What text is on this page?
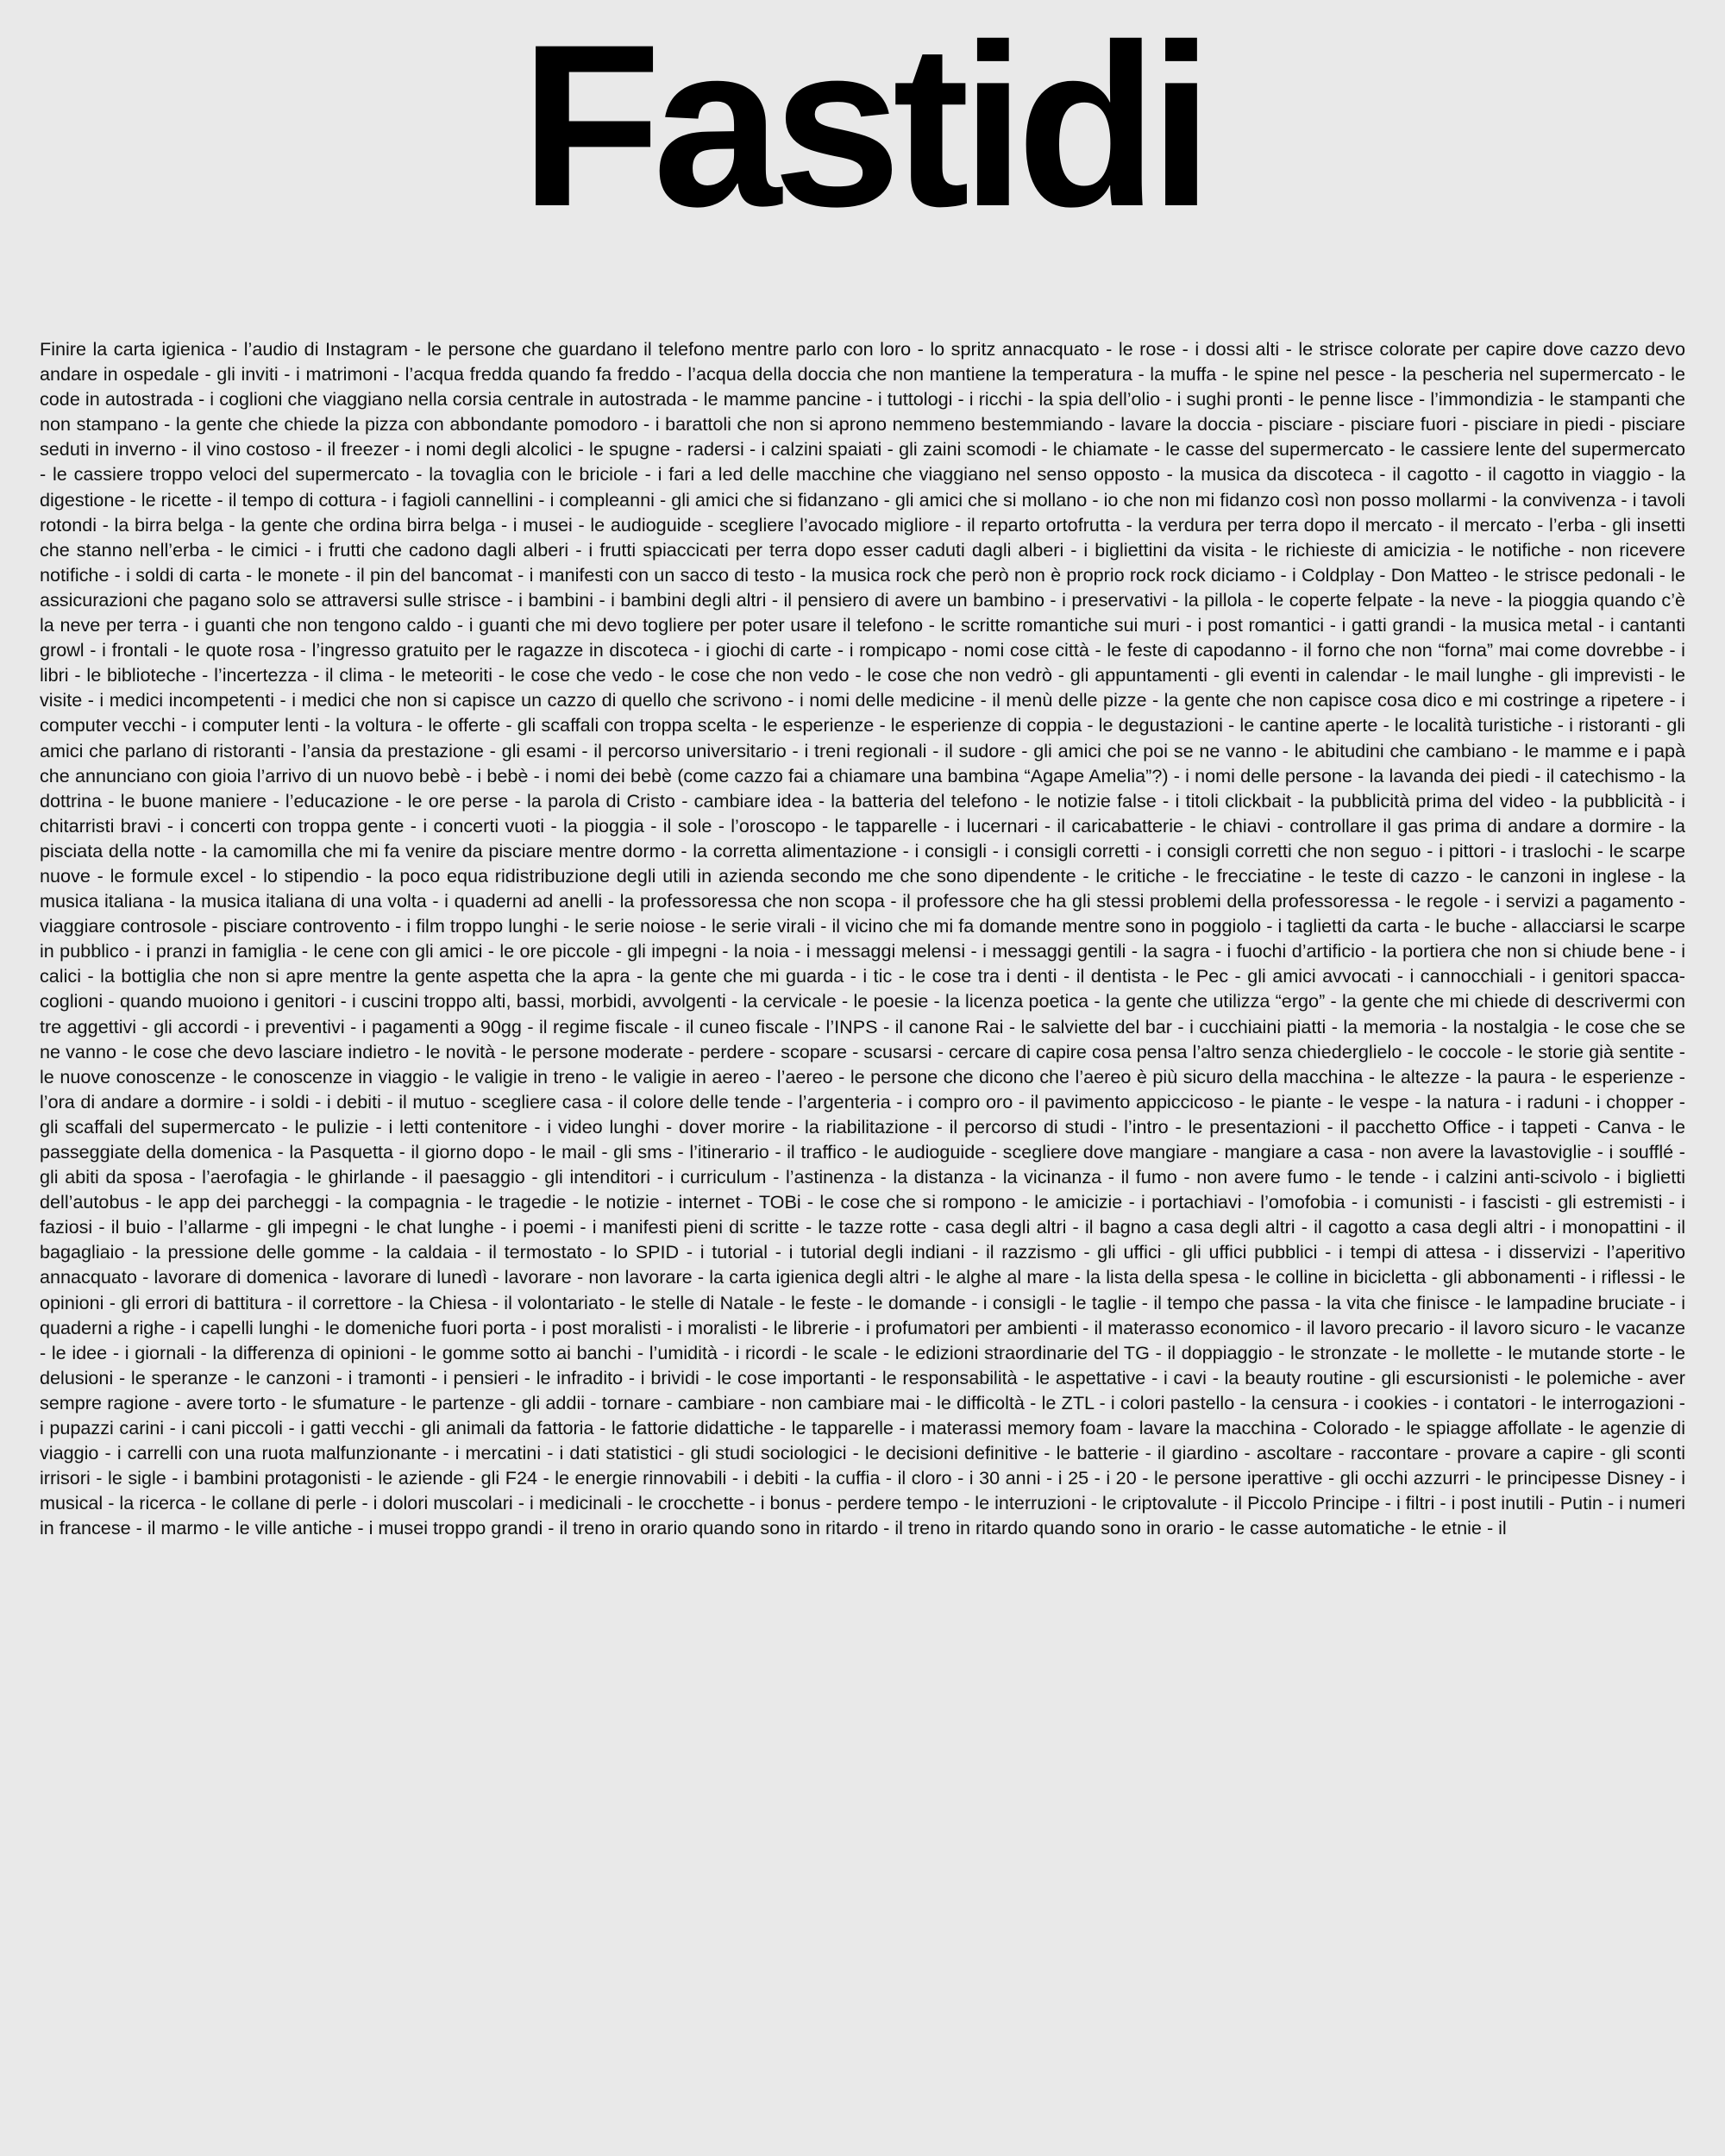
Fastidi
Finire la carta igienica - l’audio di Instagram - le persone che guardano il telefono mentre parlo con loro - lo spritz annacquato - le rose - i dossi alti - le strisce colorate per capire dove cazzo devo andare in ospedale - gli inviti - i matrimoni - l’acqua fredda quando fa freddo - l’acqua della doccia che non mantiene la temperatura - la muffa - le spine nel pesce - la pescheria nel supermercato - le code in autostrada - i coglioni che viaggiano nella corsia centrale in autostrada - le mamme pancine - i tuttologi - i ricchi - la spia dell’olio - i sughi pronti - le penne lisce - l’immondizia - le stampanti che non stampano - la gente che chiede la pizza con abbondante pomodoro - i barattoli che non si aprono nemmeno bestemmiando - lavare la doccia - pisciare - pisciare fuori - pisciare in piedi - pisciare seduti in inverno - il vino costoso - il freezer - i nomi degli alcolici - le spugne - radersi - i calzini spaiati - gli zaini scomodi - le chiamate - le casse del supermercato - le cassiere lente del supermercato - le cassiere troppo veloci del supermercato - la tovaglia con le briciole - i fari a led delle macchine che viaggiano nel senso opposto - la musica da discoteca - il cagotto - il cagotto in viaggio - la digestione - le ricette - il tempo di cottura - i fagioli cannellini - i compleanni - gli amici che si fidanzano - gli amici che si mollano - io che non mi fidanzo così non posso mollarmi - la convivenza - i tavoli rotondi - la birra belga - la gente che ordina birra belga - i musei - le audioguide - scegliere l’avocado migliore - il reparto ortofrutta - la verdura per terra dopo il mercato - il mercato - l’erba - gli insetti che stanno nell’erba - le cimici - i frutti che cadono dagli alberi - i frutti spiaccicati per terra dopo esser caduti dagli alberi - i bigliettini da visita - le richieste di amicizia - le notifiche - non ricevere notifiche - i soldi di carta - le monete - il pin del bancomat - i manifesti con un sacco di testo - la musica rock che però non è proprio rock rock diciamo - i Coldplay - Don Matteo - le strisce pedonali - le assicurazioni che pagano solo se attraversi sulle strisce - i bambini - i bambini degli altri - il pensiero di avere un bambino - i preservativi - la pillola - le coperte felpate - la neve - la pioggia quando c’è la neve per terra - i guanti che non tengono caldo - i guanti che mi devo togliere per poter usare il telefono - le scritte romantiche sui muri - i post romantici - i gatti grandi - la musica metal - i cantanti growl - i frontali - le quote rosa - l’ingresso gratuito per le ragazze in discoteca - i giochi di carte - i rompicapo - nomi cose città - le feste di capodanno - il forno che non “forna” mai come dovrebbe - i libri - le biblioteche - l’incertezza - il clima - le meteoriti - le cose che vedo - le cose che non vedo - le cose che non vedrò - gli appuntamenti - gli eventi in calendar - le mail lunghe - gli imprevisti - le visite - i medici incompetenti - i medici che non si capisce un cazzo di quello che scrivono - i nomi delle medicine - il menù delle pizze - la gente che non capisce cosa dico e mi costringe a ripetere - i computer vecchi - i computer lenti - la voltura - le offerte - gli scaffali con troppa scelta - le esperienze - le esperienze di coppia - le degustazioni - le cantine aperte - le località turistiche - i ristoranti - gli amici che parlano di ristoranti - l’ansia da prestazione - gli esami - il percorso universitario - i treni regionali - il sudore - gli amici che poi se ne vanno - le abitudini che cambiano - le mamme e i papà che annunciano con gioia l’arrivo di un nuovo bebè - i bebè - i nomi dei bebè (come cazzo fai a chiamare una bambina “Agape Amelia”?) - i nomi delle persone - la lavanda dei piedi - il catechismo - la dottrina - le buone maniere - l’educazione - le ore perse - la parola di Cristo - cambiare idea - la batteria del telefono - le notizie false - i titoli clickbait - la pubblicità prima del video - la pubblicità - i chitarristi bravi - i concerti con troppa gente - i concerti vuoti - la pioggia - il sole - l’oroscopo - le tapparelle - i lucernari - il caricabatterie - le chiavi - controllare il gas prima di andare a dormire - la pisciata della notte - la camomilla che mi fa venire da pisciare mentre dormo - la corretta alimentazione - i consigli - i consigli corretti - i consigli corretti che non seguo - i pittori - i traslochi - le scarpe nuove - le formule excel - lo stipendio - la poco equa ridistribuzione degli utili in azienda secondo me che sono dipendente - le critiche - le frecciatine - le teste di cazzo - le canzoni in inglese - la musica italiana - la musica italiana di una volta - i quaderni ad anelli - la professoressa che non scopa - il professore che ha gli stessi problemi della professoressa - le regole - i servizi a pagamento - viaggiare controsole - pisciare controvento - i film troppo lunghi - le serie noiose - le serie virali - il vicino che mi fa domande mentre sono in poggiolo - i taglietti da carta - le buche - allacciarsi le scarpe in pubblico - i pranzi in famiglia - le cene con gli amici - le ore piccole - gli impegni - la noia - i messaggi melensi - i messaggi gentili - la sagra - i fuochi d’artificio - la portiera che non si chiude bene - i calici - la bottiglia che non si apre mentre la gente aspetta che la apra - la gente che mi guarda - i tic - le cose tra i denti - il dentista - le Pec - gli amici avvocati - i cannocchiali - i genitori spacca-coglioni - quando muoiono i genitori - i cuscini troppo alti, bassi, morbidi, avvolgenti - la cervicale - le poesie - la licenza poetica - la gente che utilizza “ergo” - la gente che mi chiede di descrivermi con tre aggettivi - gli accordi - i preventivi - i pagamenti a 90gg - il regime fiscale - il cuneo fiscale - l’INPS - il canone Rai - le salviette del bar - i cucchiaini piatti - la memoria - la nostalgia - le cose che se ne vanno - le cose che devo lasciare indietro - le novità - le persone moderate - perdere - scopare - scusarsi - cercare di capire cosa pensa l’altro senza chiederglielo - le coccole - le storie già sentite - le nuove conoscenze - le conoscenze in viaggio - le valigie in treno - le valigie in aereo - l’aereo - le persone che dicono che l’aereo è più sicuro della macchina - le altezze - la paura - le esperienze - l’ora di andare a dormire - i soldi - i debiti - il mutuo - scegliere casa - il colore delle tende - l’argenteria - i compro oro - il pavimento appiccicoso - le piante - le vespe - la natura - i raduni - i chopper - gli scaffali del supermercato - le pulizie - i letti contenitore - i video lunghi - dover morire - la riabilitazione - il percorso di studi - l’intro - le presentazioni - il pacchetto Office - i tappeti - Canva - le passeggiate della domenica - la Pasquetta - il giorno dopo - le mail - gli sms - l’itinerario - il traffico - le audioguide - scegliere dove mangiare - mangiare a casa - non avere la lavastoviglie - i soufflé - gli abiti da sposa - l’aerofagia - le ghirlande - il paesaggio - gli intenditori - i curriculum - l’astinenza - la distanza - la vicinanza - il fumo - non avere fumo - le tende - i calzini anti-scivolo - i biglietti dell’autobus - le app dei parcheggi - la compagnia - le tragedie - le notizie - internet - TOBi - le cose che si rompono - le amicizie - i portachiavi - l’omofobia - i comunisti - i fascisti - gli estremisti - i faziosi - il buio - l’allarme - gli impegni - le chat lunghe - i poemi - i manifesti pieni di scritte - le tazze rotte - casa degli altri - il bagno a casa degli altri - il cagotto a casa degli altri - i monopattini - il bagagliaio - la pressione delle gomme - la caldaia - il termostato - lo SPID - i tutorial - i tutorial degli indiani - il razzismo - gli uffici - gli uffici pubblici - i tempi di attesa - i disservizi - l’aperitivo annacquato - lavorare di domenica - lavorare di lunedì - lavorare - non lavorare - la carta igienica degli altri - le alghe al mare - la lista della spesa - le colline in bicicletta - gli abbonamenti - i riflessi - le opinioni - gli errori di battitura - il correttore - la Chiesa - il volontariato - le stelle di Natale - le feste - le domande - i consigli - le taglie - il tempo che passa - la vita che finisce - le lampadine bruciate - i quaderni a righe - i capelli lunghi - le domeniche fuori porta - i post moralisti - i moralisti - le librerie - i profumatori per ambienti - il materasso economico - il lavoro precario - il lavoro sicuro - le vacanze - le idee - i giornali - la differenza di opinioni - le gomme sotto ai banchi - l’umidità - i ricordi - le scale - le edizioni straordinarie del TG - il doppiaggio - le stronzate - le mollette - le mutande storte - le delusioni - le speranze - le canzoni - i tramonti - i pensieri - le infradito - i brividi - le cose importanti - le responsabilità - le aspettative - i cavi - la beauty routine - gli escursionisti - le polemiche - aver sempre ragione - avere torto - le sfumature - le partenze - gli addii - tornare - cambiare - non cambiare mai - le difficoltà - le ZTL - i colori pastello - la censura - i cookies - i contatori - le interrogazioni - i pupazzi carini - i cani piccoli - i gatti vecchi - gli animali da fattoria - le fattorie didattiche - le tapparelle - i materassi memory foam - lavare la macchina - Colorado - le spiagge affollate - le agenzie di viaggio - i carrelli con una ruota malfunzionante - i mercatini - i dati statistici - gli studi sociologici - le decisioni definitive - le batterie - il giardino - ascoltare - raccontare - provare a capire - gli sconti irrisori - le sigle - i bambini protagonisti - le aziende - gli F24 - le energie rinnovabili - i debiti - la cuffia - il cloro - i 30 anni - i 25 - i 20 - le persone iperattive - gli occhi azzurri - le principesse Disney - i musical - la ricerca - le collane di perle - i dolori muscolari - i medicinali - le crocchette - i bonus - perdere tempo - le interruzioni - le criptovalute - il Piccolo Principe - i filtri - i post inutili - Putin - i numeri in francese - il marmo - le ville antiche - i musei troppo grandi - il treno in orario quando sono in ritardo - il treno in ritardo quando sono in orario - le casse automatiche - le etnie - il
